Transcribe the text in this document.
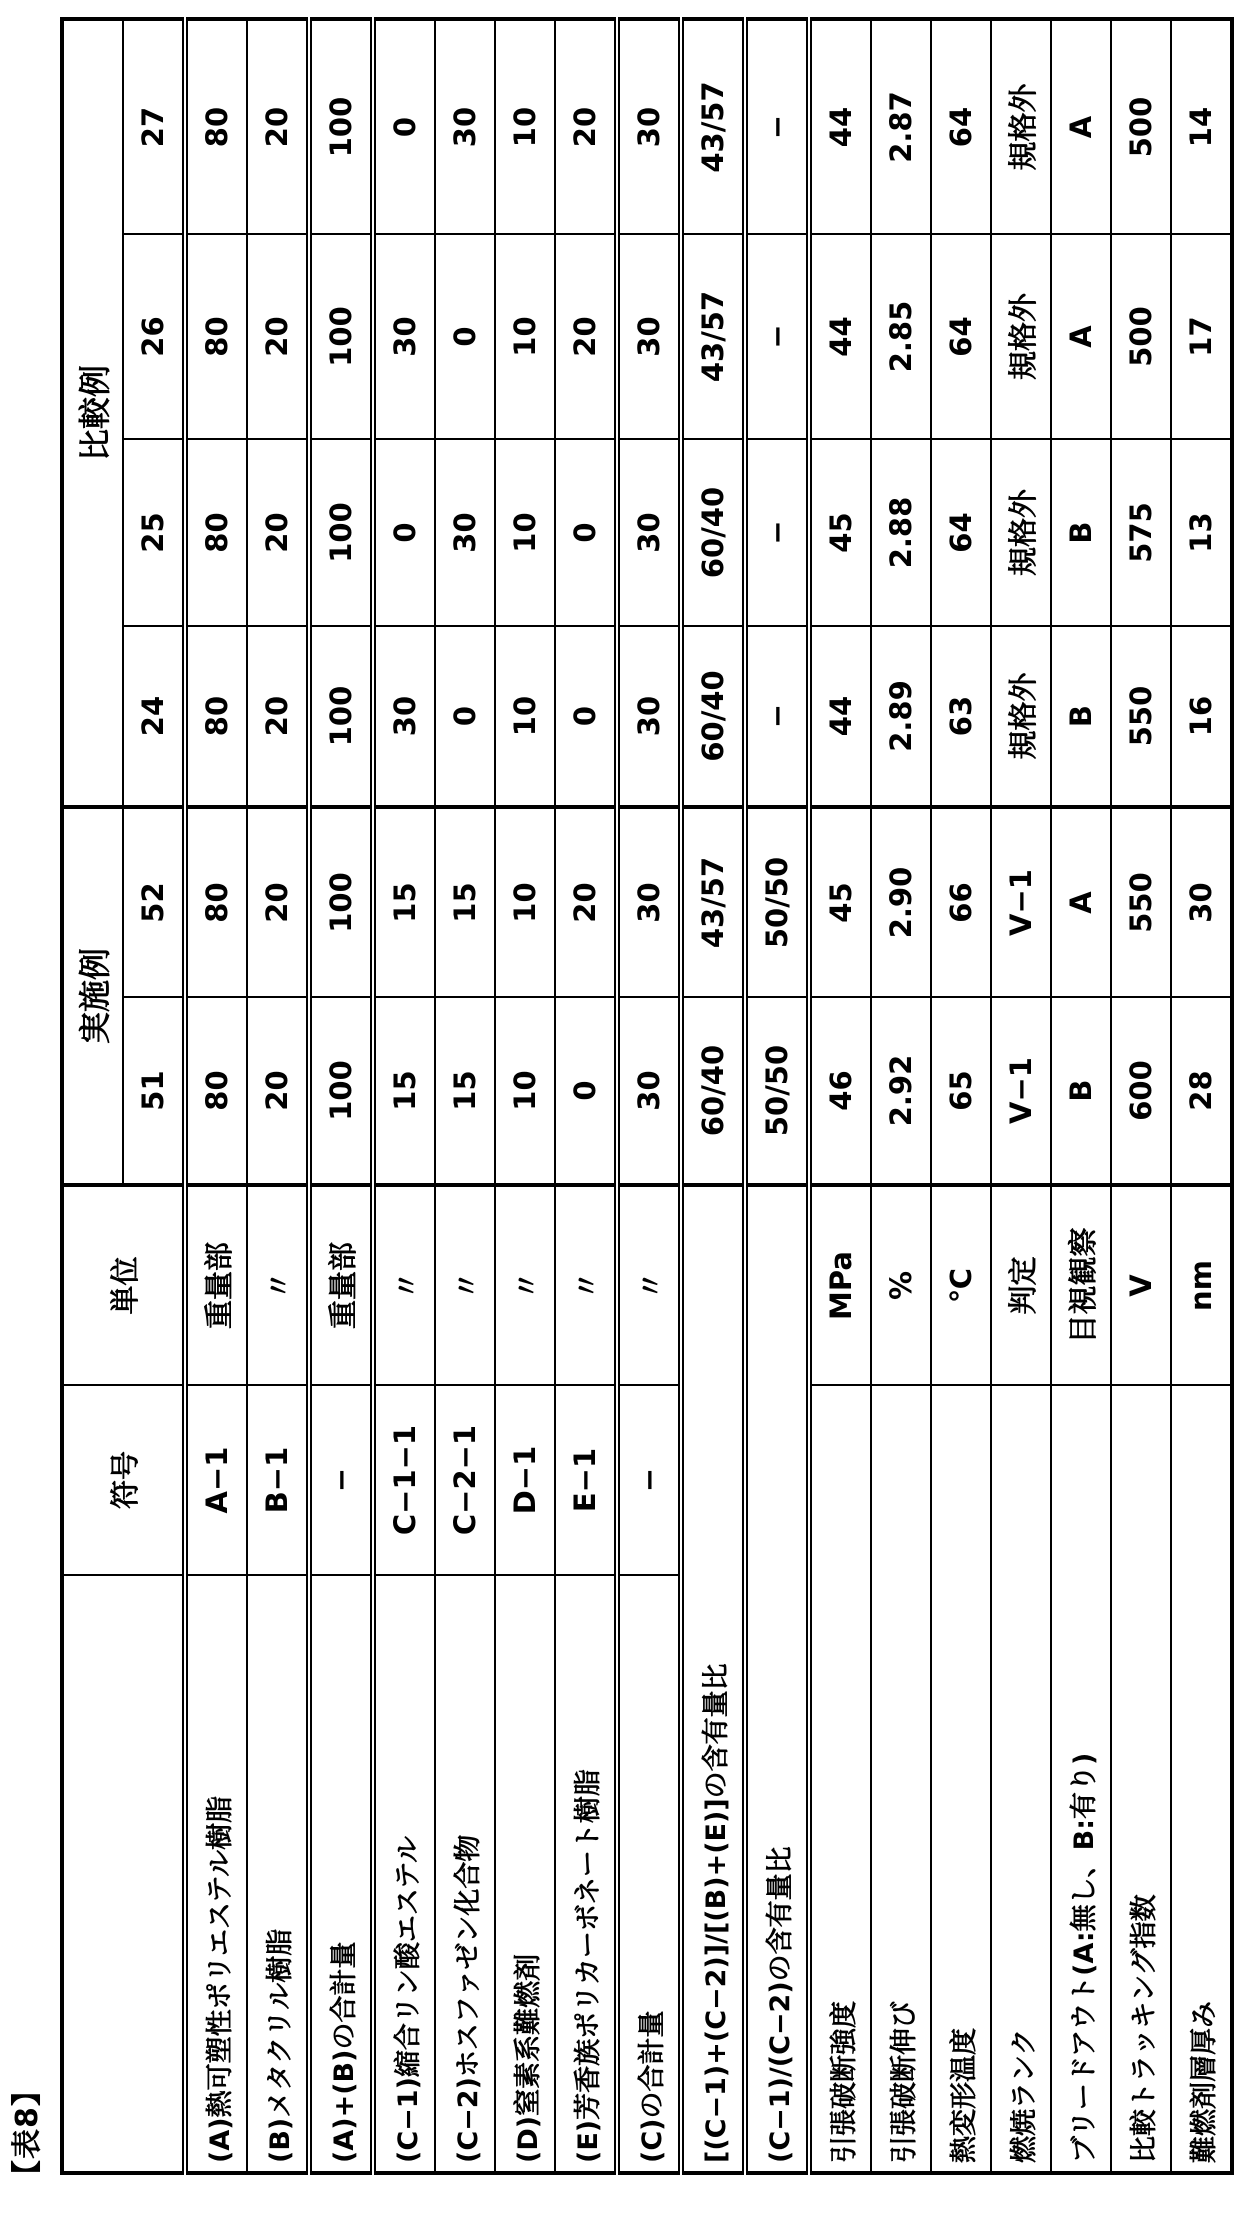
【表8】
	符号	単位	実施例	比較例
51	52	24	25	26	27
(A)熱可塑性ポリエステル樹脂	A−1	重量部	80	80	80	80	80	80
(B)メタクリル樹脂	B−1	〃	20	20	20	20	20	20
(A)+(B)の合計量	−	重量部	100	100	100	100	100	100
(C−1)縮合リン酸エステル	C−1−1	〃	15	15	30	0	30	0
(C−2)ホスファゼン化合物	C−2−1	〃	15	15	0	30	0	30
(D)窒素系難燃剤	D−1	〃	10	10	10	10	10	10
(E)芳香族ポリカーボネート樹脂	E−1	〃	0	20	0	0	20	20
(C)の合計量	−	〃	30	30	30	30	30	30
[(C−1)+(C−2)]/[(B)+(E)]の含有量比	60/40	43/57	60/40	60/40	43/57	43/57
(C−1)/(C−2)の含有量比	50/50	50/50	−	−	−	−
引張破断強度	MPa	46	45	44	45	44	44
引張破断伸び	%	2.92	2.90	2.89	2.88	2.85	2.87
熱変形温度	℃	65	66	63	64	64	64
燃焼ランク	判定	V−1	V−1	規格外	規格外	規格外	規格外
ブリードアウト(A:無し、B:有り)	目視観察	B	A	B	B	A	A
比較トラッキング指数	V	600	550	550	575	500	500
難燃剤層厚み	nm	28	30	16	13	17	14
